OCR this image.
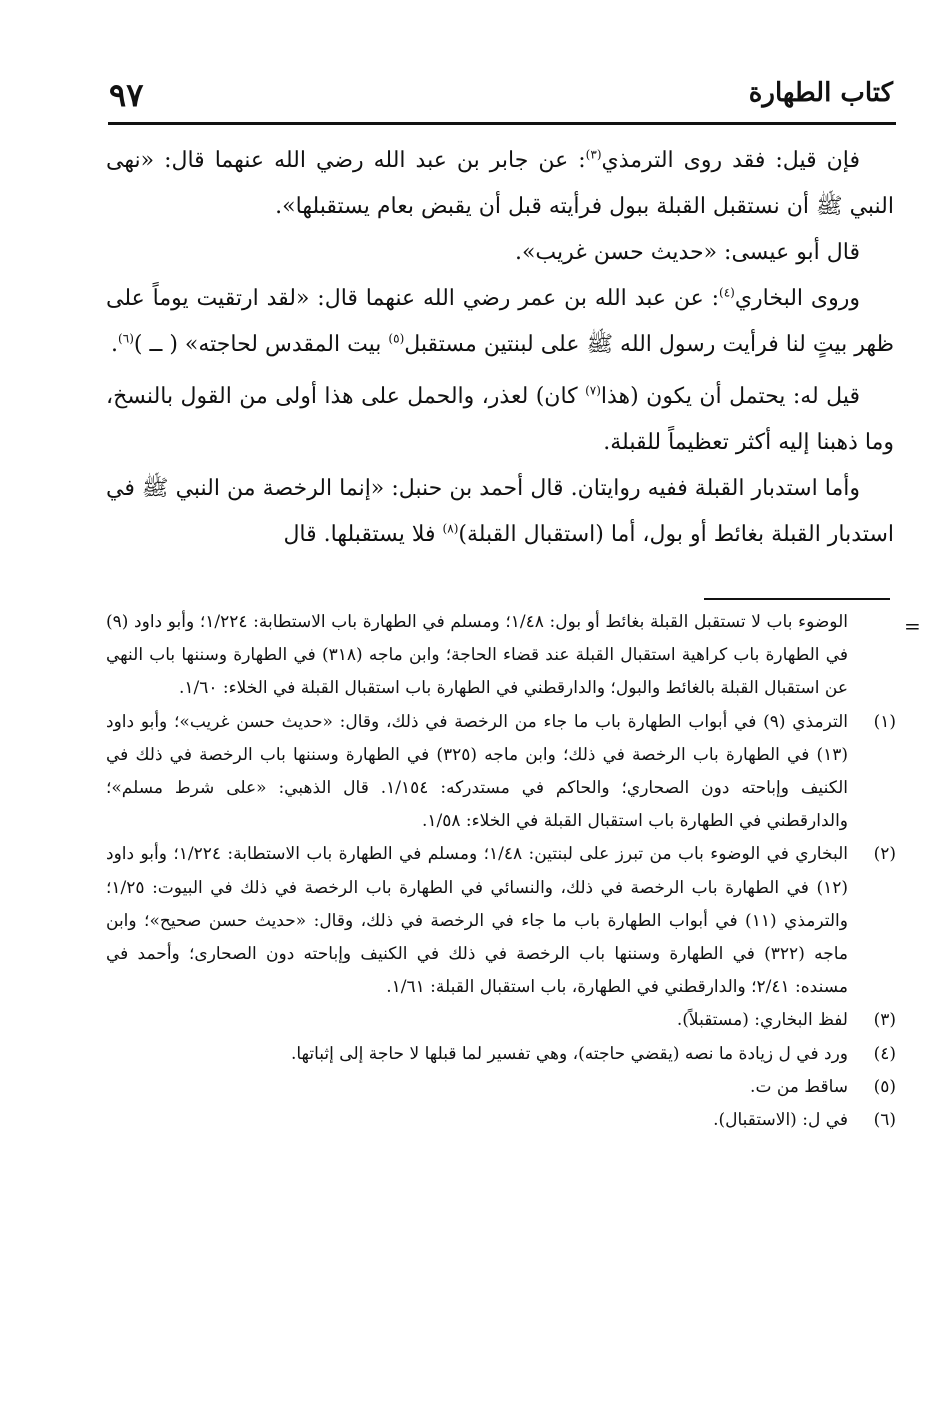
٩٧	كتاب الطهارة

فإن قيل: فقد روى الترمذي$^{(٣)}$: عن جابر بن عبد الله رضي الله عنهما قال: «نهى النبي ﷺ أن نستقبل القبلة ببول فرأيته قبل أن يقبض بعام يستقبلها».

قال أبو عيسى: «حديث حسن غريب».

وروى البخاري$^{(٤)}$: عن عبد الله بن عمر رضي الله عنهما قال: «لقد ارتقيت يوماً على ظهر بيتٍ لنا فرأيت رسول الله ﷺ على لبنتين مستقبل$^{(٥)}$ بيت المقدس لحاجته» ( ــ )$^{(٦)}$.

قيل له: يحتمل أن يكون (هذا$^{(٧)}$ كان) لعذر، والحمل على هذا أولى من القول بالنسخ، وما ذهبنا إليه أكثر تعظيماً للقبلة.

وأما استدبار القبلة ففيه روايتان. قال أحمد بن حنبل: «إنما الرخصة من النبي ﷺ في استدبار القبلة بغائط أو بول، أما (استقبال القبلة)$^{(٨)}$ فلا يستقبلها. قال

=

الوضوء باب لا تستقبل القبلة بغائط أو بول: ١/٤٨؛ ومسلم في الطهارة باب الاستطابة: ١/٢٢٤؛ وأبو داود (٩) في الطهارة باب كراهية استقبال القبلة عند قضاء الحاجة؛ وابن ماجه (٣١٨) في الطهارة وسننها باب النهي عن استقبال القبلة بالغائط والبول؛ والدارقطني في الطهارة باب استقبال القبلة في الخلاء: ١/٦٠.

(١)
الترمذي (٩) في أبواب الطهارة باب ما جاء من الرخصة في ذلك، وقال: «حديث حسن غريب»؛ وأبو داود (١٣) في الطهارة باب الرخصة في ذلك؛ وابن ماجه (٣٢٥) في الطهارة وسننها باب الرخصة في ذلك في الكنيف وإباحته دون الصحاري؛ والحاكم في مستدركه: ١/١٥٤. قال الذهبي: «على شرط مسلم»؛ والدارقطني في الطهارة باب استقبال القبلة في الخلاء: ١/٥٨.

(٢)
البخاري في الوضوء باب من تبرز على لبنتين: ١/٤٨؛ ومسلم في الطهارة باب الاستطابة: ١/٢٢٤؛ وأبو داود (١٢) في الطهارة باب الرخصة في ذلك، والنسائي في الطهارة باب الرخصة في ذلك في البيوت: ١/٢٥؛ والترمذي (١١) في أبواب الطهارة باب ما جاء في الرخصة في ذلك، وقال: «حديث حسن صحيح»؛ وابن ماجه (٣٢٢) في الطهارة وسننها باب الرخصة في ذلك في الكنيف وإباحته دون الصحارى؛ وأحمد في مسنده: ٢/٤١؛ والدارقطني في الطهارة، باب استقبال القبلة: ١/٦١.

(٣)
لفظ البخاري: (مستقبلاً).

(٤)
ورد في ل زيادة ما نصه (يقضي حاجته)، وهي تفسير لما قبلها لا حاجة إلى إثباتها.

(٥)
ساقط من ت.

(٦)
في ل: (الاستقبال).
